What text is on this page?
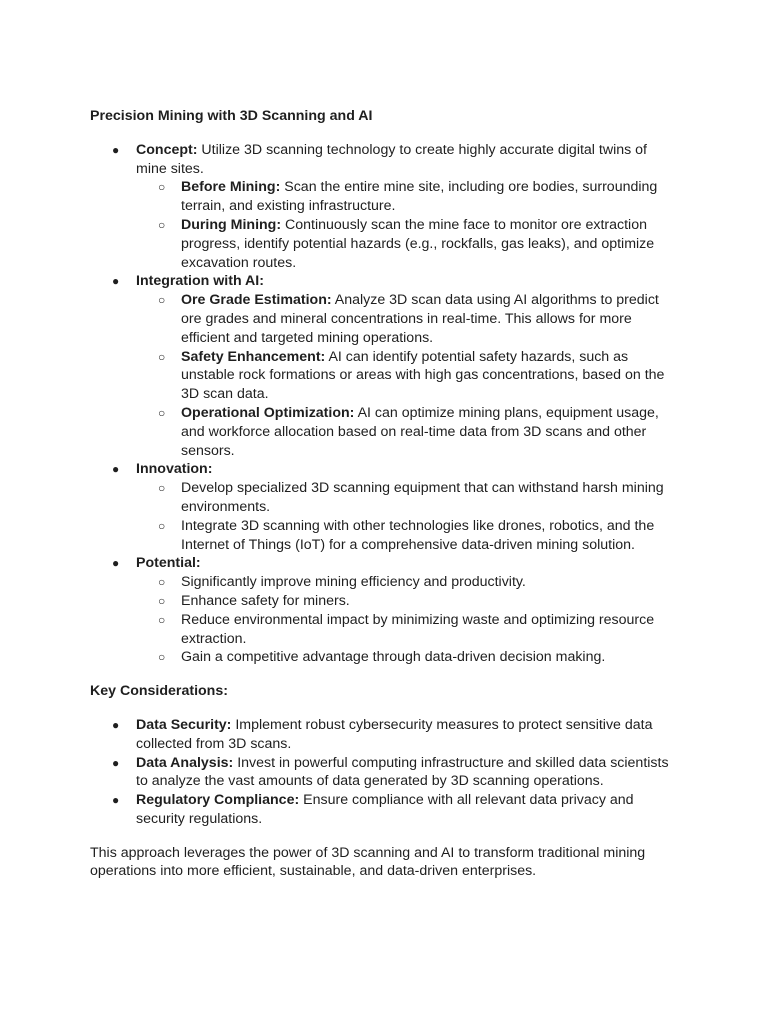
Precision Mining with 3D Scanning and AI

● Concept: Utilize 3D scanning technology to create highly accurate digital twins of mine sites.
○ Before Mining: Scan the entire mine site, including ore bodies, surrounding terrain, and existing infrastructure.
○ During Mining: Continuously scan the mine face to monitor ore extraction progress, identify potential hazards (e.g., rockfalls, gas leaks), and optimize excavation routes.
● Integration with AI:
○ Ore Grade Estimation: Analyze 3D scan data using AI algorithms to predict ore grades and mineral concentrations in real-time. This allows for more efficient and targeted mining operations.
○ Safety Enhancement: AI can identify potential safety hazards, such as unstable rock formations or areas with high gas concentrations, based on the 3D scan data.
○ Operational Optimization: AI can optimize mining plans, equipment usage, and workforce allocation based on real-time data from 3D scans and other sensors.
● Innovation:
○ Develop specialized 3D scanning equipment that can withstand harsh mining environments.
○ Integrate 3D scanning with other technologies like drones, robotics, and the Internet of Things (IoT) for a comprehensive data-driven mining solution.
● Potential:
○ Significantly improve mining efficiency and productivity.
○ Enhance safety for miners.
○ Reduce environmental impact by minimizing waste and optimizing resource extraction.
○ Gain a competitive advantage through data-driven decision making.

Key Considerations:

● Data Security: Implement robust cybersecurity measures to protect sensitive data collected from 3D scans.
● Data Analysis: Invest in powerful computing infrastructure and skilled data scientists to analyze the vast amounts of data generated by 3D scanning operations.
● Regulatory Compliance: Ensure compliance with all relevant data privacy and security regulations.

This approach leverages the power of 3D scanning and AI to transform traditional mining operations into more efficient, sustainable, and data-driven enterprises.
